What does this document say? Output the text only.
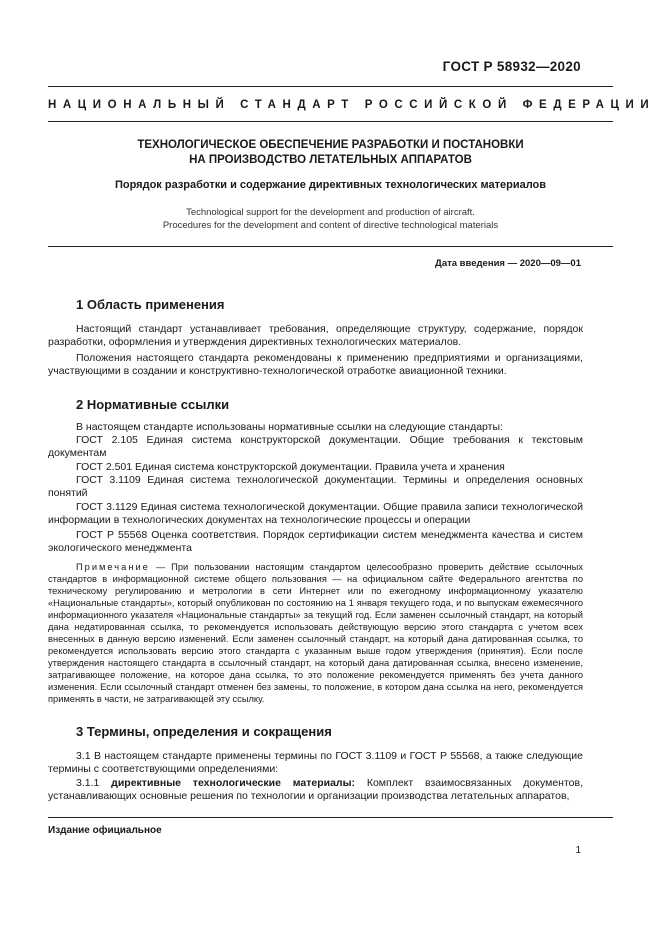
ГОСТ Р 58932—2020
НАЦИОНАЛЬНЫЙ СТАНДАРТ РОССИЙСКОЙ ФЕДЕРАЦИИ
ТЕХНОЛОГИЧЕСКОЕ ОБЕСПЕЧЕНИЕ РАЗРАБОТКИ И ПОСТАНОВКИ
НА ПРОИЗВОДСТВО ЛЕТАТЕЛЬНЫХ АППАРАТОВ
Порядок разработки и содержание директивных технологических материалов
Technological support for the development and production of aircraft.
Procedures for the development and content of directive technological materials
Дата введения — 2020—09—01
1 Область применения
Настоящий стандарт устанавливает требования, определяющие структуру, содержание, порядок разработки, оформления и утверждения директивных технологических материалов.
Положения настоящего стандарта рекомендованы к применению предприятиями и организациями, участвующими в создании и конструктивно-технологической отработке авиационной техники.
2 Нормативные ссылки
В настоящем стандарте использованы нормативные ссылки на следующие стандарты:
ГОСТ 2.105 Единая система конструкторской документации. Общие требования к текстовым документам
ГОСТ 2.501 Единая система конструкторской документации. Правила учета и хранения
ГОСТ 3.1109 Единая система технологической документации. Термины и определения основных понятий
ГОСТ 3.1129 Единая система технологической документации. Общие правила записи технологической информации в технологических документах на технологические процессы и операции
ГОСТ Р 55568 Оценка соответствия. Порядок сертификации систем менеджмента качества и систем экологического менеджмента
Примечание — При пользовании настоящим стандартом целесообразно проверить действие ссылочных стандартов в информационной системе общего пользования — на официальном сайте Федерального агентства по техническому регулированию и метрологии в сети Интернет или по ежегодному информационному указателю «Национальные стандарты», который опубликован по состоянию на 1 января текущего года, и по выпускам ежемесячного информационного указателя «Национальные стандарты» за текущий год. Если заменен ссылочный стандарт, на который дана недатированная ссылка, то рекомендуется использовать действующую версию этого стандарта с учетом всех внесенных в данную версию изменений. Если заменен ссылочный стандарт, на который дана датированная ссылка, то рекомендуется использовать версию этого стандарта с указанным выше годом утверждения (принятия). Если после утверждения настоящего стандарта в ссылочный стандарт, на который дана датированная ссылка, внесено изменение, затрагивающее положение, на которое дана ссылка, то это положение рекомендуется применять без учета данного изменения. Если ссылочный стандарт отменен без замены, то положение, в котором дана ссылка на него, рекомендуется применять в части, не затрагивающей эту ссылку.
3 Термины, определения и сокращения
3.1 В настоящем стандарте применены термины по ГОСТ 3.1109 и ГОСТ Р 55568, а также следующие термины с соответствующими определениями:
3.1.1 директивные технологические материалы: Комплект взаимосвязанных документов, устанавливающих основные решения по технологии и организации производства летательных аппаратов,
Издание официальное
1
